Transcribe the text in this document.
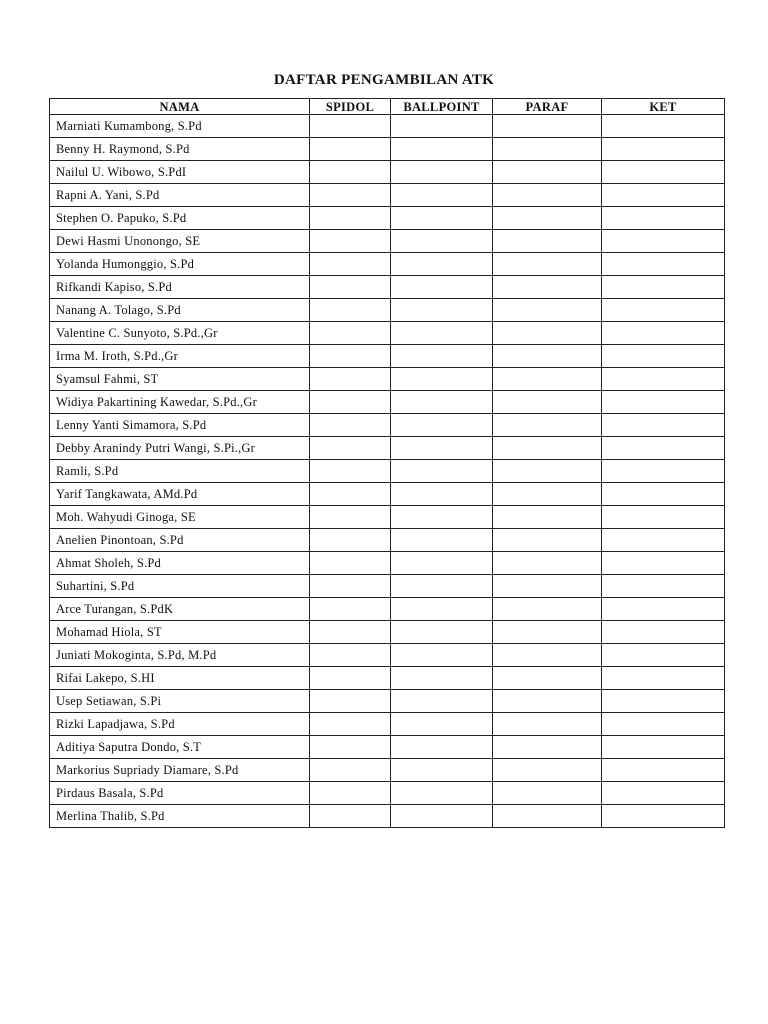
DAFTAR PENGAMBILAN ATK
NAMA	SPIDOL	BALLPOINT	PARAF	KET
Marniati Kumambong, S.Pd				
Benny H. Raymond, S.Pd				
Nailul U. Wibowo, S.PdI				
Rapni A. Yani, S.Pd				
Stephen O. Papuko, S.Pd				
Dewi Hasmi Unonongo, SE				
Yolanda Humonggio, S.Pd				
Rifkandi Kapiso, S.Pd				
Nanang A. Tolago, S.Pd				
Valentine C. Sunyoto, S.Pd.,Gr				
Irma M. Iroth, S.Pd.,Gr				
Syamsul Fahmi, ST				
Widiya Pakartining Kawedar, S.Pd.,Gr				
Lenny Yanti Simamora, S.Pd				
Debby Aranindy Putri Wangi, S.Pi.,Gr				
Ramli, S.Pd				
Yarif Tangkawata, AMd.Pd				
Moh. Wahyudi Ginoga, SE				
Anelien Pinontoan, S.Pd				
Ahmat Sholeh, S.Pd				
Suhartini, S.Pd				
Arce Turangan, S.PdK				
Mohamad Hiola, ST				
Juniati Mokoginta, S.Pd, M.Pd				
Rifai Lakepo, S.HI				
Usep Setiawan, S.Pi				
Rizki Lapadjawa, S.Pd				
Aditiya Saputra Dondo, S.T				
Markorius Supriady Diamare, S.Pd				
Pirdaus Basala, S.Pd				
Merlina Thalib, S.Pd				
